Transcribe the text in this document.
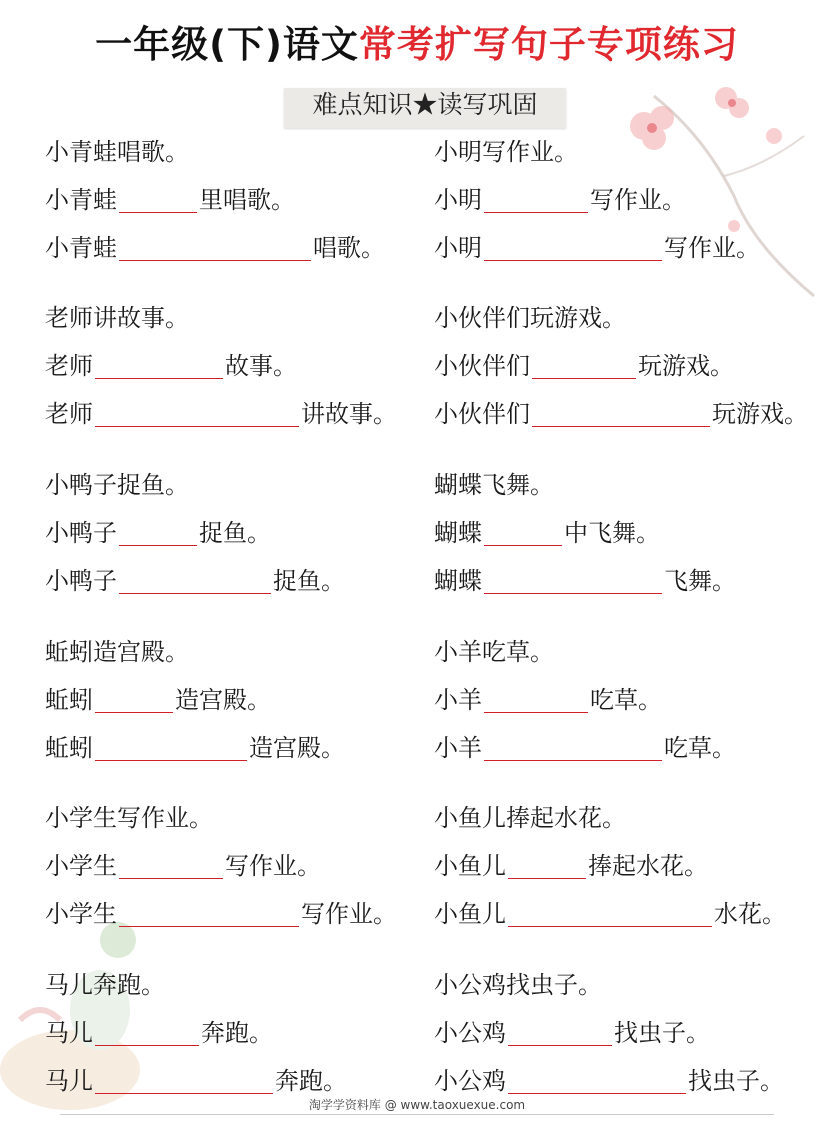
一年级(下)语文常考扩写句子专项练习
难点知识★读写巩固
小青蛙唱歌。
小青蛙	里唱歌。
小青蛙	唱歌。
老师讲故事。
老师	故事。
老师	讲故事。
小鸭子捉鱼。
小鸭子	捉鱼。
小鸭子	捉鱼。
蚯蚓造宫殿。
蚯蚓	造宫殿。
蚯蚓	造宫殿。
小学生写作业。
小学生	写作业。
小学生	写作业。
马儿奔跑。
马儿	奔跑。
马儿	奔跑。
小明写作业。
小明	写作业。
小明	写作业。
小伙伴们玩游戏。
小伙伴们	玩游戏。
小伙伴们	玩游戏。
蝴蝶飞舞。
蝴蝶	中飞舞。
蝴蝶	飞舞。
小羊吃草。
小羊	吃草。
小羊	吃草。
小鱼儿捧起水花。
小鱼儿	捧起水花。
小鱼儿	水花。
小公鸡找虫子。
小公鸡	找虫子。
小公鸡	找虫子。
淘学学资料库 @ www.taoxuexue.com
